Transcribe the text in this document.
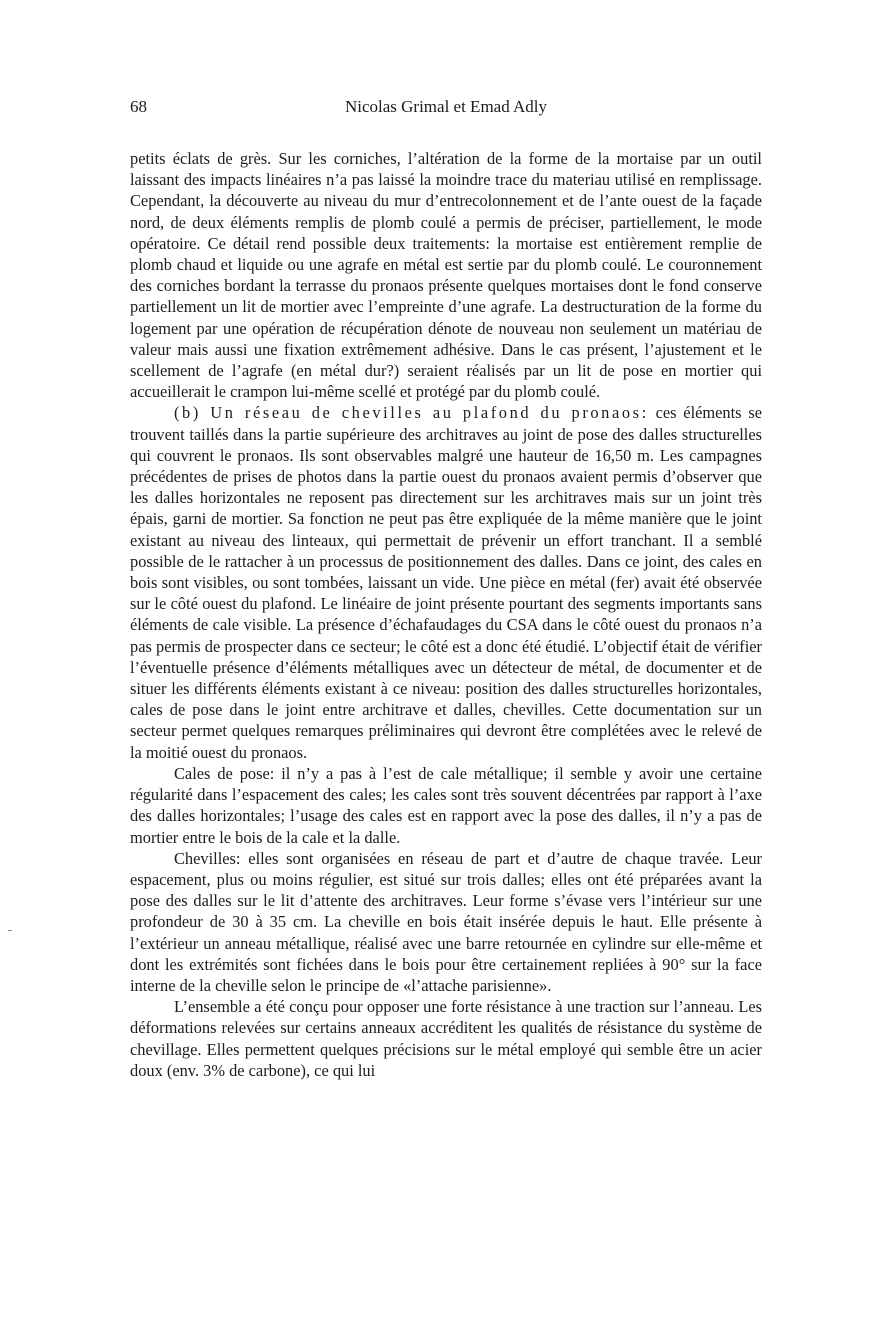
68	Nicolas Grimal et Emad Adly

petits éclats de grès. Sur les corniches, l’altération de la forme de la mortaise par un outil laissant des impacts linéaires n’a pas laissé la moindre trace du materiau utilisé en remplissage. Cependant, la découverte au niveau du mur d’entrecolonnement et de l’ante ouest de la façade nord, de deux éléments remplis de plomb coulé a permis de préciser, partiellement, le mode opératoire. Ce détail rend possible deux traitements: la mortaise est entièrement remplie de plomb chaud et liquide ou une agrafe en métal est sertie par du plomb coulé. Le couronnement des corniches bordant la terrasse du pronaos présente quelques mortaises dont le fond conserve partiellement un lit de mortier avec l’empreinte d’une agrafe. La destructuration de la forme du logement par une opération de récupération dénote de nouveau non seulement un matériau de valeur mais aussi une fixation extrêmement adhésive. Dans le cas présent, l’ajustement et le scellement de l’agrafe (en métal dur?) seraient réalisés par un lit de pose en mortier qui accueillerait le crampon lui-même scellé et protégé par du plomb coulé.

(b) Un réseau de chevilles au plafond du pronaos: ces éléments se trouvent taillés dans la partie supérieure des architraves au joint de pose des dalles structurelles qui couvrent le pronaos. Ils sont observables malgré une hauteur de 16,50 m. Les campagnes précédentes de prises de photos dans la partie ouest du pronaos avaient permis d’observer que les dalles horizontales ne reposent pas directement sur les architraves mais sur un joint très épais, garni de mortier. Sa fonction ne peut pas être expliquée de la même manière que le joint existant au niveau des linteaux, qui permettait de prévenir un effort tranchant. Il a semblé possible de le rattacher à un processus de positionnement des dalles. Dans ce joint, des cales en bois sont visibles, ou sont tombées, laissant un vide. Une pièce en métal (fer) avait été observée sur le côté ouest du plafond. Le linéaire de joint présente pourtant des segments importants sans éléments de cale visible. La présence d’échafaudages du CSA dans le côté ouest du pronaos n’a pas permis de prospecter dans ce secteur; le côté est a donc été étudié. L’objectif était de vérifier l’éventuelle présence d’éléments métalliques avec un détecteur de métal, de documenter et de situer les différents éléments existant à ce niveau: position des dalles structurelles horizontales, cales de pose dans le joint entre architrave et dalles, chevilles. Cette documentation sur un secteur permet quelques remarques préliminaires qui devront être complétées avec le relevé de la moitié ouest du pronaos.

Cales de pose: il n’y a pas à l’est de cale métallique; il semble y avoir une certaine régularité dans l’espacement des cales; les cales sont très souvent décentrées par rapport à l’axe des dalles horizontales; l’usage des cales est en rapport avec la pose des dalles, il n’y a pas de mortier entre le bois de la cale et la dalle.

Chevilles: elles sont organisées en réseau de part et d’autre de chaque travée. Leur espacement, plus ou moins régulier, est situé sur trois dalles; elles ont été préparées avant la pose des dalles sur le lit d’attente des architraves. Leur forme s’évase vers l’intérieur sur une profondeur de 30 à 35 cm. La cheville en bois était insérée depuis le haut. Elle présente à l’extérieur un anneau métallique, réalisé avec une barre retournée en cylindre sur elle-même et dont les extrémités sont fichées dans le bois pour être certainement repliées à 90° sur la face interne de la cheville selon le principe de «l’attache parisienne».

L’ensemble a été conçu pour opposer une forte résistance à une traction sur l’anneau. Les déformations relevées sur certains anneaux accréditent les qualités de résistance du système de chevillage. Elles permettent quelques précisions sur le métal employé qui semble être un acier doux (env. 3% de carbone), ce qui lui
